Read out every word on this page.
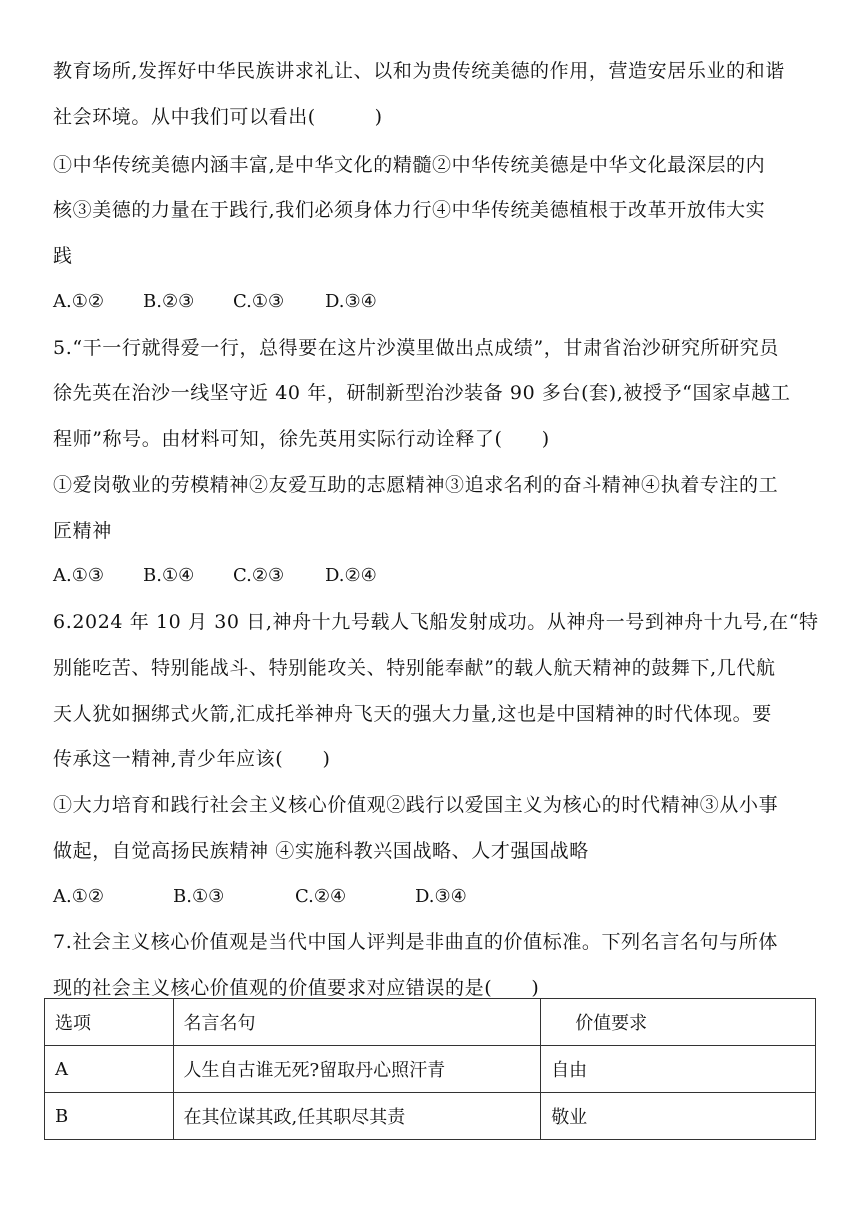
教育场所,发挥好中华民族讲求礼让、以和为贵传统美德的作用，营造安居乐业的和谐
社会环境。从中我们可以看出(　　　)
①中华传统美德内涵丰富,是中华文化的精髓②中华传统美德是中华文化最深层的内
核③美德的力量在于践行,我们必须身体力行④中华传统美德植根于改革开放伟大实
践
A.①② B.②③ C.①③ D.③④
5.“干一行就得爱一行，总得要在这片沙漠里做出点成绩”，甘肃省治沙研究所研究员
徐先英在治沙一线坚守近 40 年，研制新型治沙装备 90 多台(套),被授予“国家卓越工
程师”称号。由材料可知，徐先英用实际行动诠释了(　　)
①爱岗敬业的劳模精神②友爱互助的志愿精神③追求名利的奋斗精神④执着专注的工
匠精神
A.①③ B.①④ C.②③ D.②④
6.2024 年 10 月 30 日,神舟十九号载人飞船发射成功。从神舟一号到神舟十九号,在“特
别能吃苦、特别能战斗、特别能攻关、特别能奉献”的载人航天精神的鼓舞下,几代航
天人犹如捆绑式火箭,汇成托举神舟飞天的强大力量,这也是中国精神的时代体现。要
传承这一精神,青少年应该(　　)
①大力培育和践行社会主义核心价值观②践行以爱国主义为核心的时代精神③从小事
做起，自觉高扬民族精神 ④实施科教兴国战略、人才强国战略
A.①②	B.①③	C.②④	D.③④
7.社会主义核心价值观是当代中国人评判是非曲直的价值标准。下列名言名句与所体
现的社会主义核心价值观的价值要求对应错误的是(　　)
选项	名言名句	价值要求
A	人生自古谁无死?留取丹心照汗青	自由
B	在其位谋其政,任其职尽其责	敬业
